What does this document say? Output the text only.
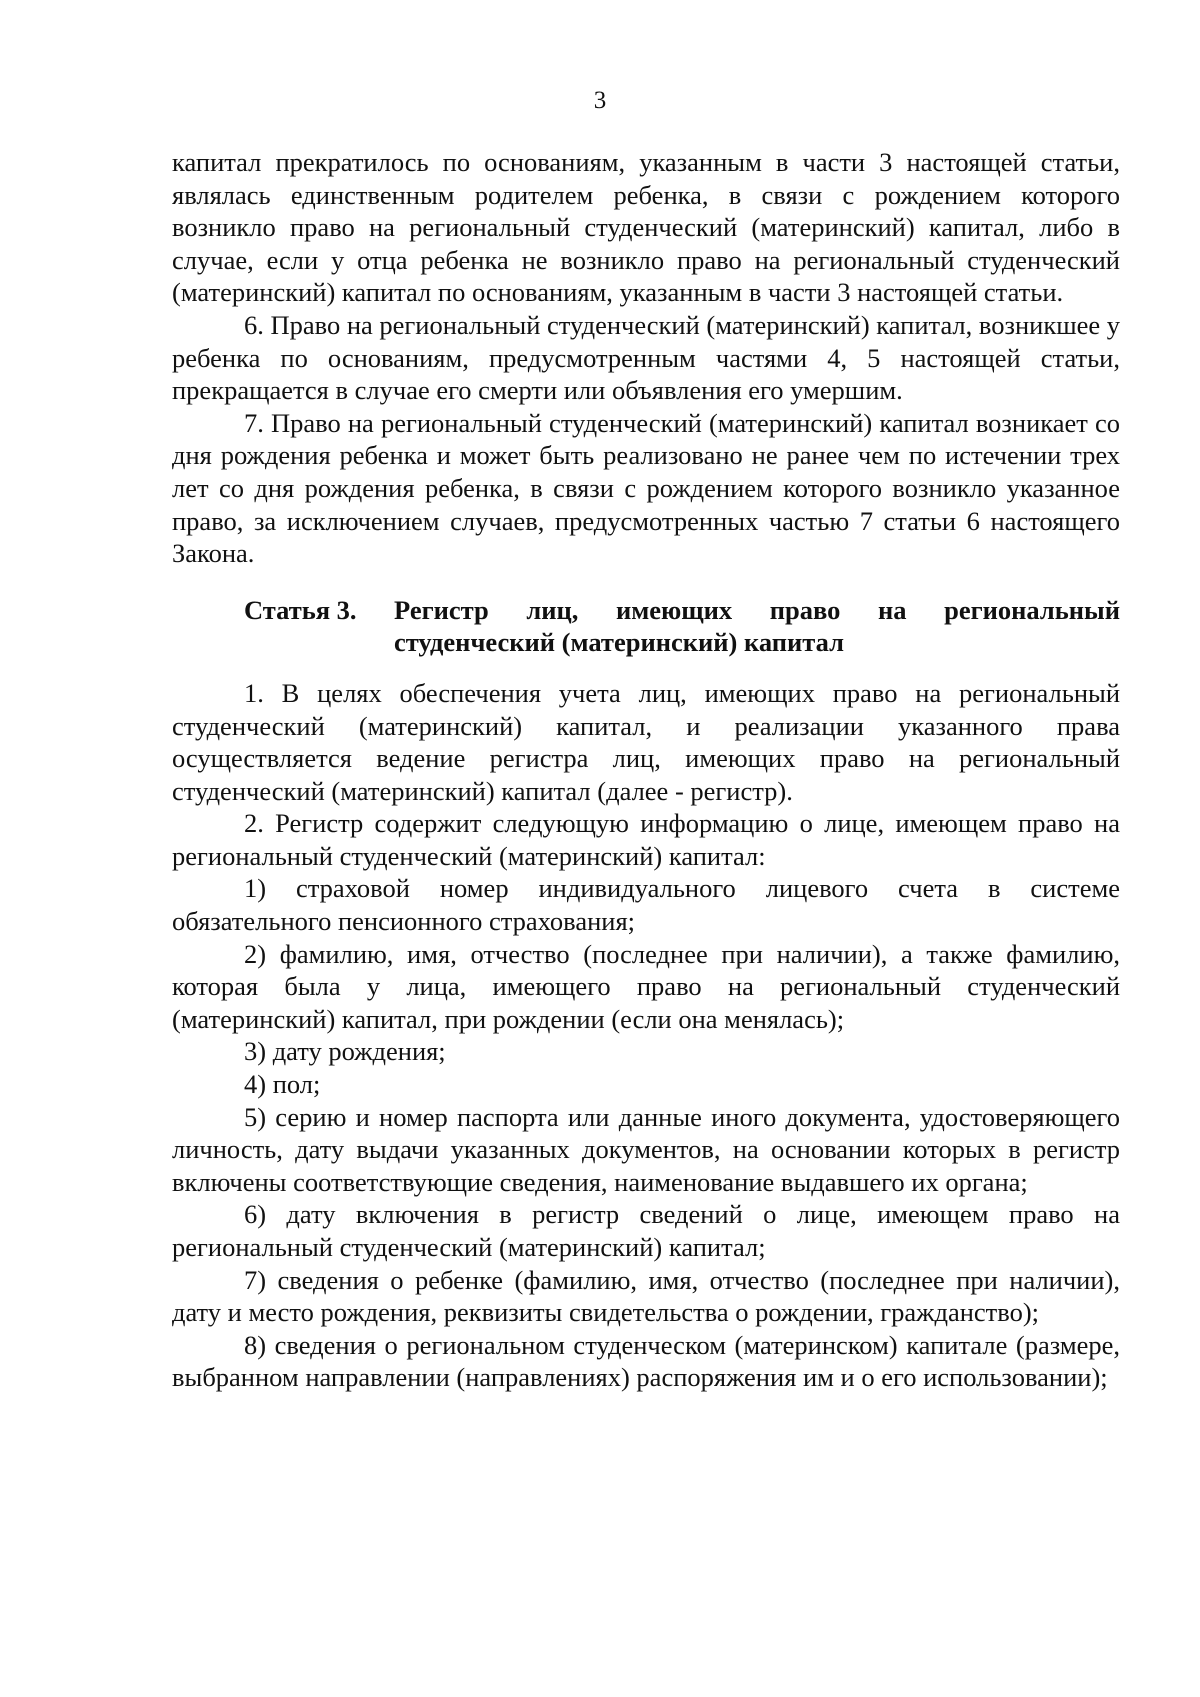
3

капитал прекратилось по основаниям, указанным в части 3 настоящей статьи, являлась единственным родителем ребенка, в связи с рождением которого возникло право на региональный студенческий (материнский) капитал, либо в случае, если у отца ребенка не возникло право на региональный студенческий (материнский) капитал по основаниям, указанным в части 3 настоящей статьи.

6. Право на региональный студенческий (материнский) капитал, возникшее у ребенка по основаниям, предусмотренным частями 4, 5 настоящей статьи, прекращается в случае его смерти или объявления его умершим.

7. Право на региональный студенческий (материнский) капитал возникает со дня рождения ребенка и может быть реализовано не ранее чем по истечении трех лет со дня рождения ребенка, в связи с рождением которого возникло указанное право, за исключением случаев, предусмотренных частью 7 статьи 6 настоящего Закона.

Статья 3.	Регистр лиц, имеющих право на региональный студенческий (материнский) капитал

1. В целях обеспечения учета лиц, имеющих право на региональный студенческий (материнский) капитал, и реализации указанного права осуществляется ведение регистра лиц, имеющих право на региональный студенческий (материнский) капитал (далее - регистр).

2. Регистр содержит следующую информацию о лице, имеющем право на региональный студенческий (материнский) капитал:

1) страховой номер индивидуального лицевого счета в системе обязательного пенсионного страхования;

2) фамилию, имя, отчество (последнее при наличии), а также фамилию, которая была у лица, имеющего право на региональный студенческий (материнский) капитал, при рождении (если она менялась);

3) дату рождения;

4) пол;

5) серию и номер паспорта или данные иного документа, удостоверяющего личность, дату выдачи указанных документов, на основании которых в регистр включены соответствующие сведения, наименование выдавшего их органа;

6) дату включения в регистр сведений о лице, имеющем право на региональный студенческий (материнский) капитал;

7) сведения о ребенке (фамилию, имя, отчество (последнее при наличии), дату и место рождения, реквизиты свидетельства о рождении, гражданство);

8) сведения о региональном студенческом (материнском) капитале (размере, выбранном направлении (направлениях) распоряжения им и о его использовании);
